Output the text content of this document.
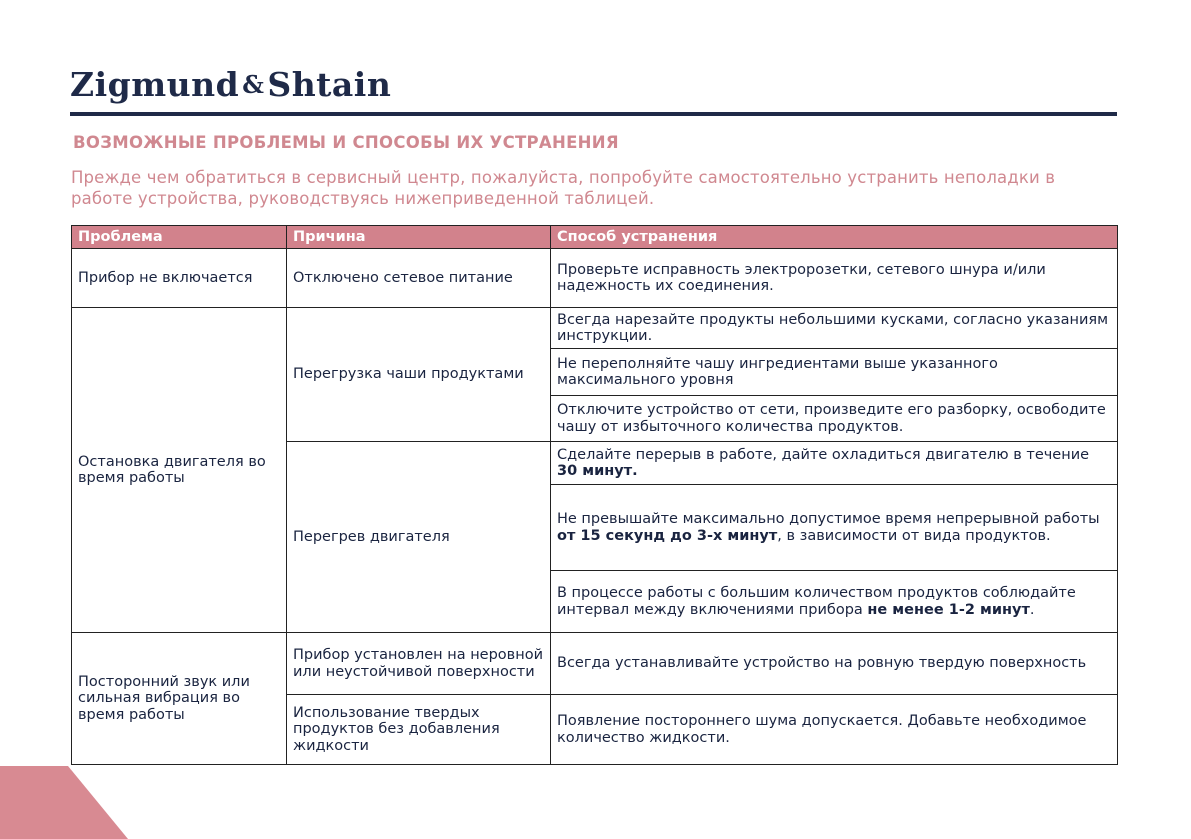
Zigmund & Shtain
ВОЗМОЖНЫЕ ПРОБЛЕМЫ И СПОСОБЫ ИХ УСТРАНЕНИЯ
Прежде чем обратиться в сервисный центр, пожалуйста, попробуйте самостоятельно устранить неполадки в работе устройства, руководствуясь нижеприведенной таблицей.
Проблема	Причина	Способ устранения
Прибор не включается	Отключено сетевое питание	Проверьте исправность электророзетки, сетевого шнура и/или надежность их соединения.
Остановка двигателя во время работы	Перегрузка чаши продуктами	Всегда нарезайте продукты небольшими кусками, согласно указаниям инструкции.
		Не переполняйте чашу ингредиентами выше указанного максимального уровня
		Отключите устройство от сети, произведите его разборку, освободите чашу от избыточного количества продуктов.
	Перегрев двигателя	Сделайте перерыв в работе, дайте охладиться двигателю в течение 30 минут.
		Не превышайте максимально допустимое время непрерывной работы от 15 секунд до 3-х минут, в зависимости от вида продуктов.
		В процессе работы с большим количеством продуктов соблюдайте интервал между включениями прибора не менее 1-2 минут.
Посторонний звук или сильная вибрация во время работы	Прибор установлен на неровной или неустойчивой поверхности	Всегда устанавливайте устройство на ровную твердую поверхность
	Использование твердых продуктов без добавления жидкости	Появление постороннего шума допускается. Добавьте необходимое количество жидкости.
